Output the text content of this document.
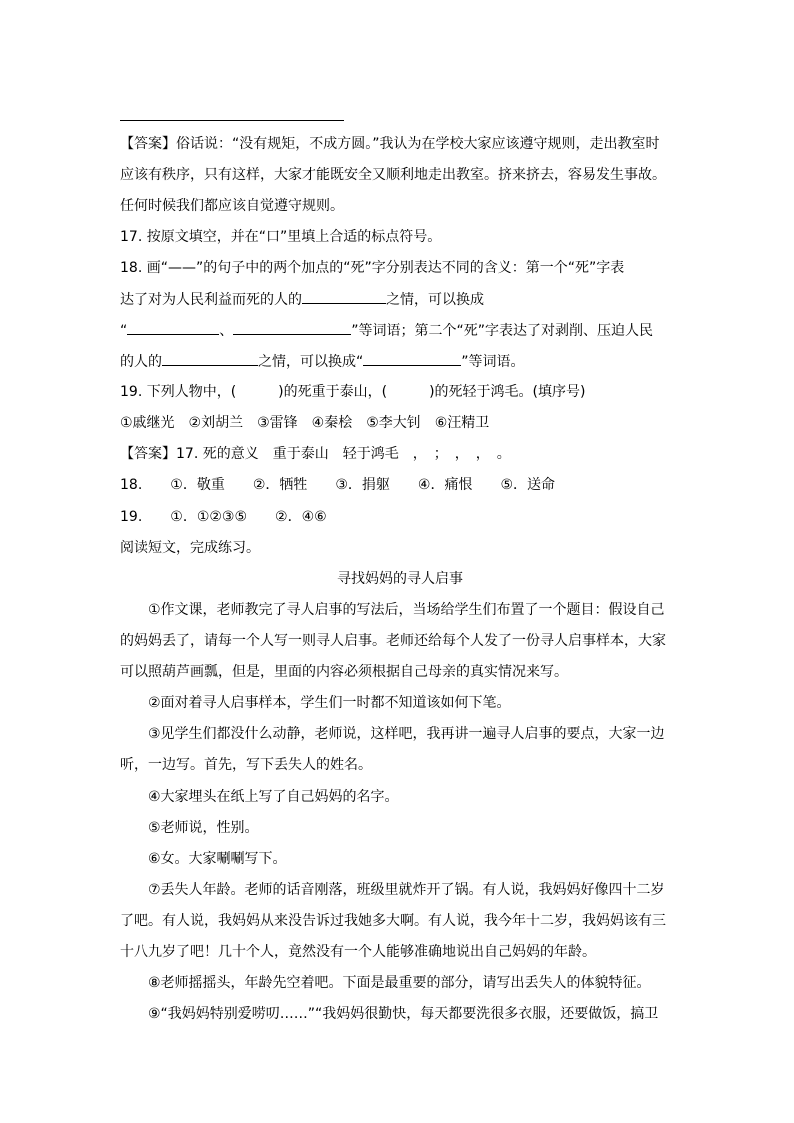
【答案】俗话说：“没有规矩，不成方圆。”我认为在学校大家应该遵守规则，走出教室时
应该有秩序，只有这样，大家才能既安全又顺利地走出教室。挤来挤去，容易发生事故。
任何时候我们都应该自觉遵守规则。
17. 按原文填空，并在“口”里填上合适的标点符号。
18. 画“——”的句子中的两个加点的“死”字分别表达不同的含义：第一个“死”字表
达了对为人民利益而死的人的	之情，可以换成
“	、	”等词语；第二个“死”字表达了对剥削、压迫人民
的人的	之情，可以换成“	”等词语。
19. 下列人物中，(　　　)的死重于泰山，(　　　)的死轻于鸿毛。(填序号)
①戚继光　②刘胡兰　③雷锋　④秦桧　⑤李大钊　⑥汪精卫
【答案】17. 死的意义　重于泰山　轻于鸿毛　，　；　，　，　。
18.　　①．敬重　　②．牺牲　　③．捐躯　　④．痛恨　　⑤．送命
19.　　①．①②③⑤　　②．④⑥
阅读短文，完成练习。
寻找妈妈的寻人启事
①作文课，老师教完了寻人启事的写法后，当场给学生们布置了一个题目：假设自己
的妈妈丢了，请每一个人写一则寻人启事。老师还给每个人发了一份寻人启事样本，大家
可以照葫芦画瓢，但是，里面的内容必须根据自己母亲的真实情况来写。
②面对着寻人启事样本，学生们一时都不知道该如何下笔。
③见学生们都没什么动静，老师说，这样吧，我再讲一遍寻人启事的要点，大家一边
听，一边写。首先，写下丢失人的姓名。
④大家埋头在纸上写了自己妈妈的名字。
⑤老师说，性别。
⑥女。大家唰唰写下。
⑦丢失人年龄。老师的话音刚落，班级里就炸开了锅。有人说，我妈妈好像四十二岁
了吧。有人说，我妈妈从来没告诉过我她多大啊。有人说，我今年十二岁，我妈妈该有三
十八九岁了吧！几十个人，竟然没有一个人能够准确地说出自己妈妈的年龄。
⑧老师摇摇头，年龄先空着吧。下面是最重要的部分，请写出丢失人的体貌特征。
⑨“我妈妈特别爱唠叨……”“我妈妈很勤快，每天都要洗很多衣服，还要做饭，搞卫
